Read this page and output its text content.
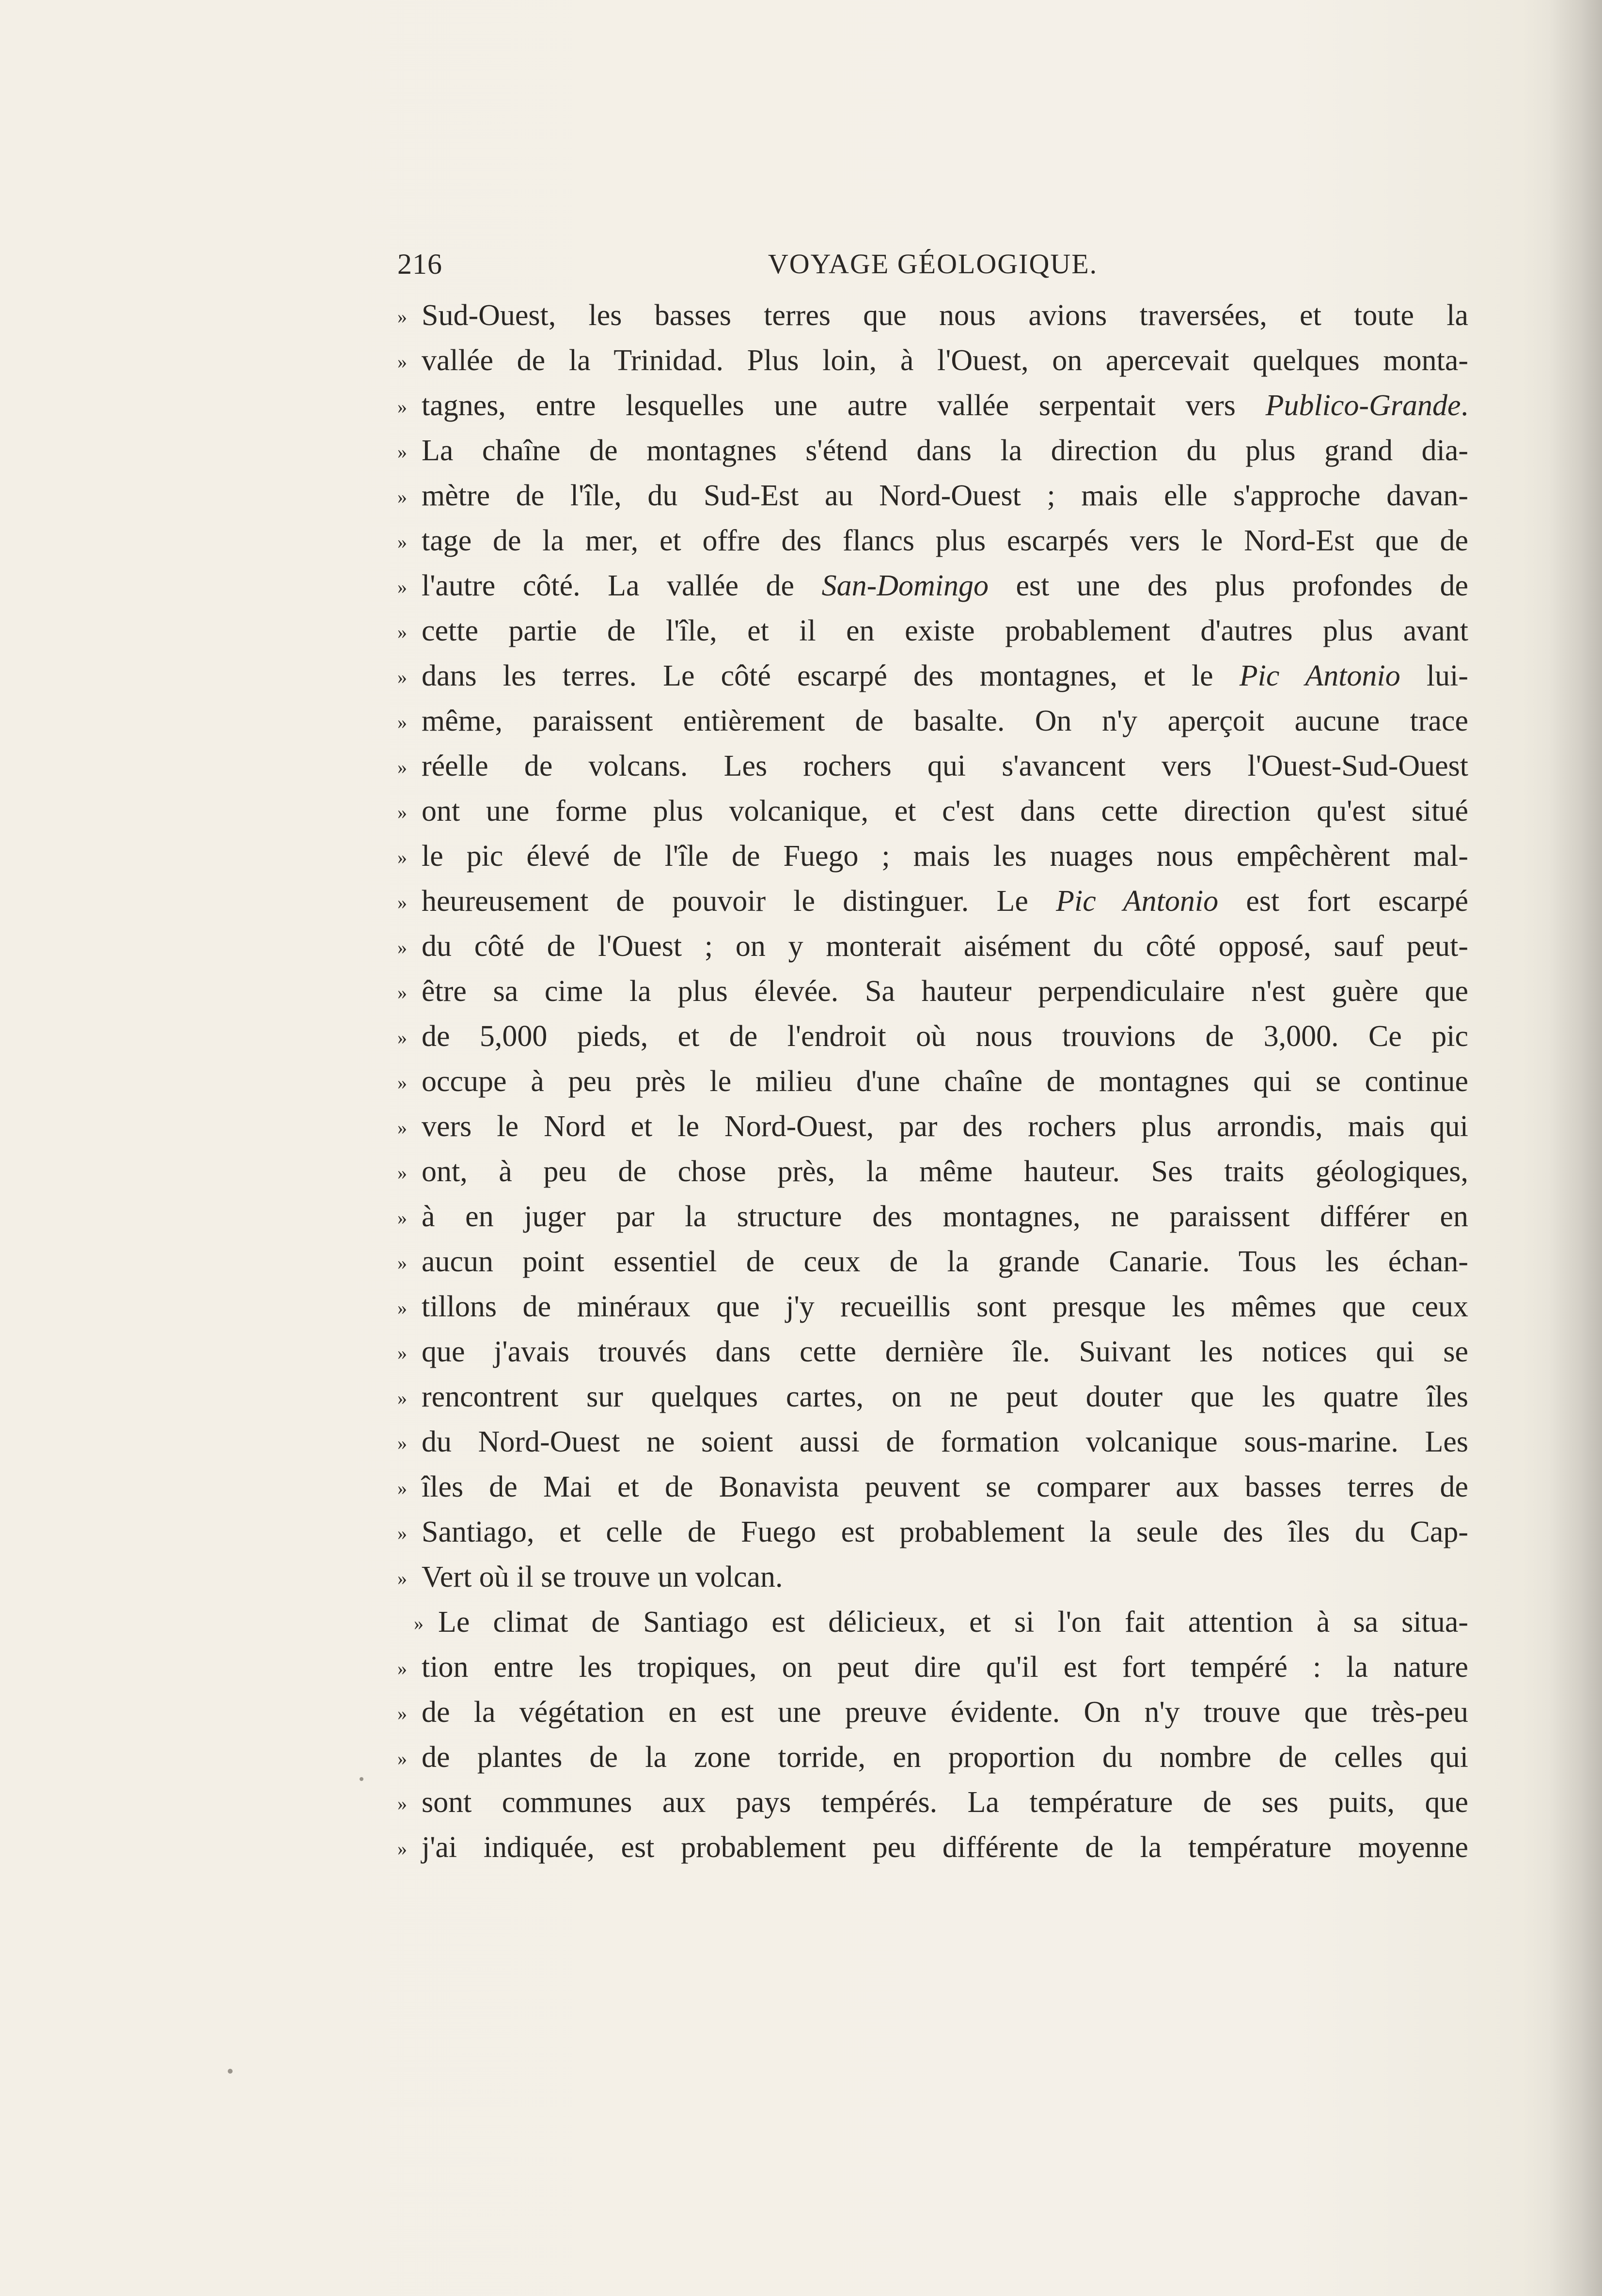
216	VOYAGE GÉOLOGIQUE.
» Sud-Ouest, les basses terres que nous avions traversées, et toute la
» vallée de la Trinidad. Plus loin, à l'Ouest, on apercevait quelques monta-
» tagnes, entre lesquelles une autre vallée serpentait vers Publico-Grande.
» La chaîne de montagnes s'étend dans la direction du plus grand dia-
» mètre de l'île, du Sud-Est au Nord-Ouest ; mais elle s'approche davan-
» tage de la mer, et offre des flancs plus escarpés vers le Nord-Est que de
» l'autre côté. La vallée de San-Domingo est une des plus profondes de
» cette partie de l'île, et il en existe probablement d'autres plus avant
» dans les terres. Le côté escarpé des montagnes, et le Pic Antonio lui-
» même, paraissent entièrement de basalte. On n'y aperçoit aucune trace
» réelle de volcans. Les rochers qui s'avancent vers l'Ouest-Sud-Ouest
» ont une forme plus volcanique, et c'est dans cette direction qu'est situé
» le pic élevé de l'île de Fuego ; mais les nuages nous empêchèrent mal-
» heureusement de pouvoir le distinguer. Le Pic Antonio est fort escarpé
» du côté de l'Ouest ; on y monterait aisément du côté opposé, sauf peut-
» être sa cime la plus élevée. Sa hauteur perpendiculaire n'est guère que
» de 5,000 pieds, et de l'endroit où nous trouvions de 3,000. Ce pic
» occupe à peu près le milieu d'une chaîne de montagnes qui se continue
» vers le Nord et le Nord-Ouest, par des rochers plus arrondis, mais qui
» ont, à peu de chose près, la même hauteur. Ses traits géologiques,
» à en juger par la structure des montagnes, ne paraissent différer en
» aucun point essentiel de ceux de la grande Canarie. Tous les échan-
» tillons de minéraux que j'y recueillis sont presque les mêmes que ceux
» que j'avais trouvés dans cette dernière île. Suivant les notices qui se
» rencontrent sur quelques cartes, on ne peut douter que les quatre îles
» du Nord-Ouest ne soient aussi de formation volcanique sous-marine. Les
» îles de Mai et de Bonavista peuvent se comparer aux basses terres de
» Santiago, et celle de Fuego est probablement la seule des îles du Cap-
» Vert où il se trouve un volcan.
» Le climat de Santiago est délicieux, et si l'on fait attention à sa situa-
» tion entre les tropiques, on peut dire qu'il est fort tempéré : la nature
» de la végétation en est une preuve évidente. On n'y trouve que très-peu
» de plantes de la zone torride, en proportion du nombre de celles qui
» sont communes aux pays tempérés. La température de ses puits, que
» j'ai indiquée, est probablement peu différente de la température moyenne
